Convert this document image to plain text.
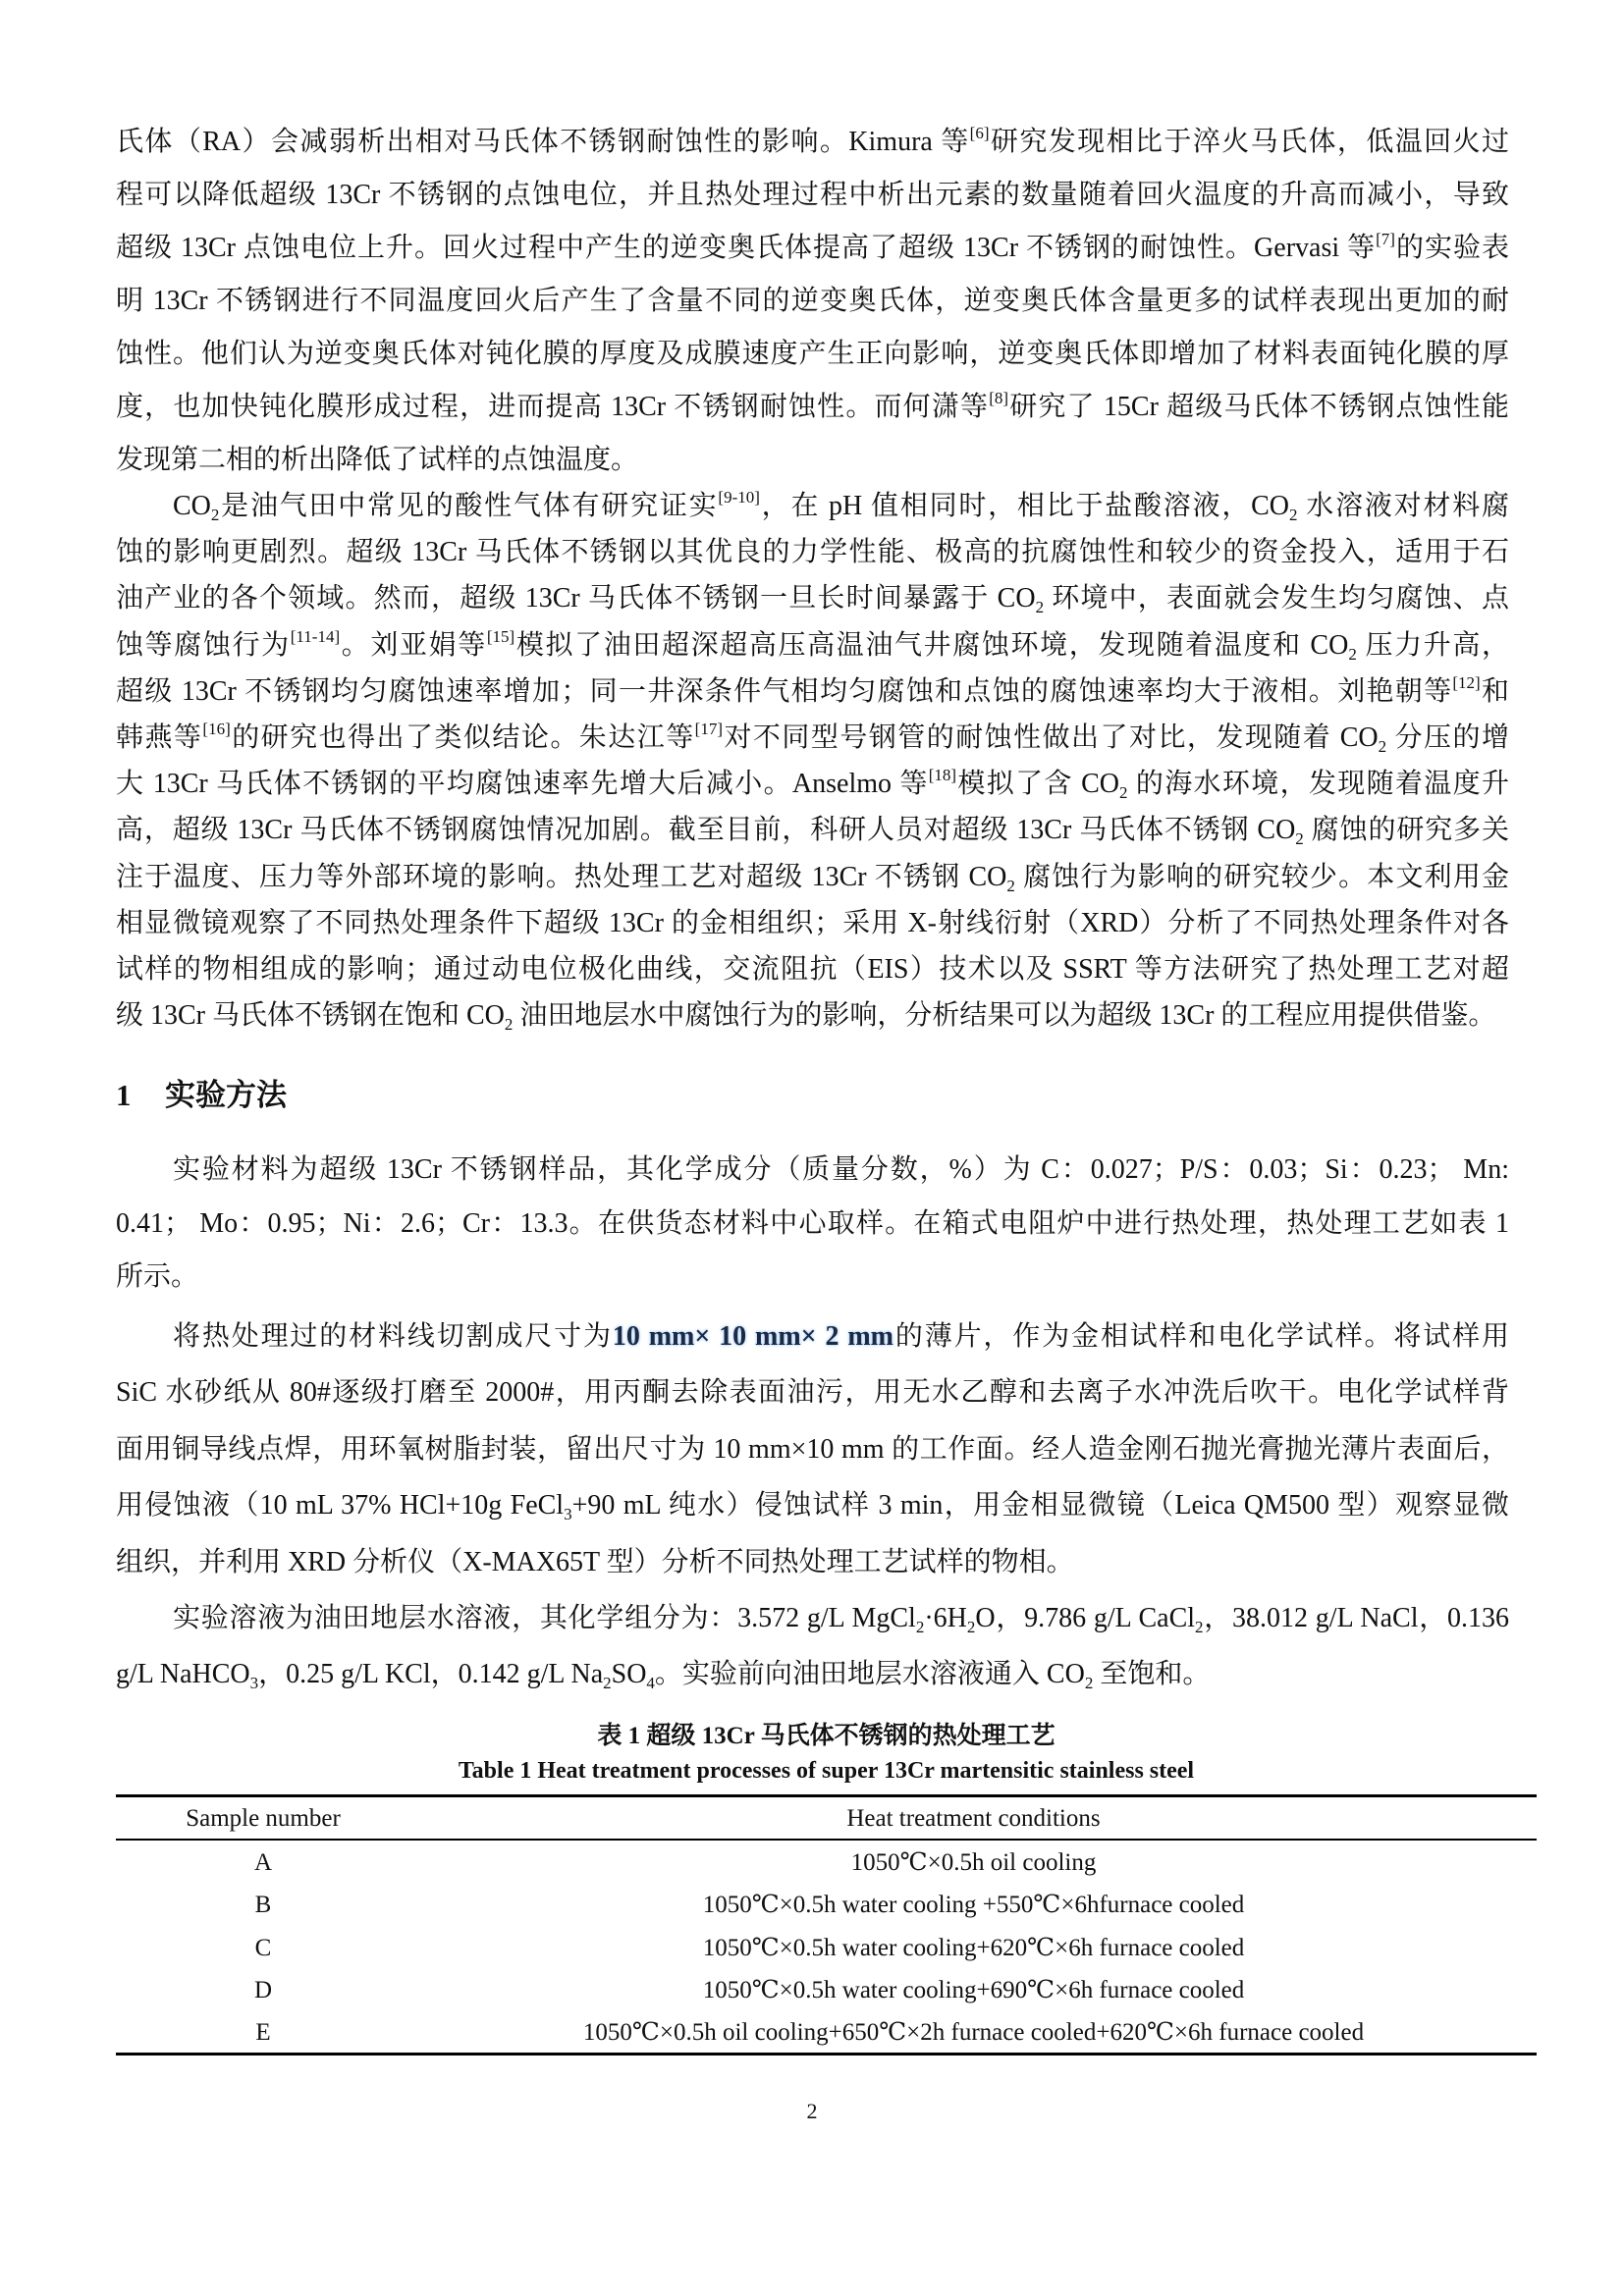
氏体（RA）会减弱析出相对马氏体不锈钢耐蚀性的影响。Kimura 等[6]研究发现相比于淬火马氏体，低温回火过
程可以降低超级 13Cr 不锈钢的点蚀电位，并且热处理过程中析出元素的数量随着回火温度的升高而减小，导致
超级 13Cr 点蚀电位上升。回火过程中产生的逆变奥氏体提高了超级 13Cr 不锈钢的耐蚀性。Gervasi 等[7]的实验表
明 13Cr 不锈钢进行不同温度回火后产生了含量不同的逆变奥氏体，逆变奥氏体含量更多的试样表现出更加的耐
蚀性。他们认为逆变奥氏体对钝化膜的厚度及成膜速度产生正向影响，逆变奥氏体即增加了材料表面钝化膜的厚
度，也加快钝化膜形成过程，进而提高 13Cr 不锈钢耐蚀性。而何潇等[8]研究了 15Cr 超级马氏体不锈钢点蚀性能
发现第二相的析出降低了试样的点蚀温度。
$CO_2$是油气田中常见的酸性气体有研究证实[9-10]，在 pH 值相同时，相比于盐酸溶液，$CO_2$ 水溶液对材料腐
蚀的影响更剧烈。超级 13Cr 马氏体不锈钢以其优良的力学性能、极高的抗腐蚀性和较少的资金投入，适用于石
油产业的各个领域。然而，超级 13Cr 马氏体不锈钢一旦长时间暴露于 $CO_2$ 环境中，表面就会发生均匀腐蚀、点
蚀等腐蚀行为[11-14]。刘亚娟等[15]模拟了油田超深超高压高温油气井腐蚀环境，发现随着温度和 $CO_2$ 压力升高，
超级 13Cr 不锈钢均匀腐蚀速率增加；同一井深条件气相均匀腐蚀和点蚀的腐蚀速率均大于液相。刘艳朝等[12]和
韩燕等[16]的研究也得出了类似结论。朱达江等[17]对不同型号钢管的耐蚀性做出了对比，发现随着 $CO_2$ 分压的增
大 13Cr 马氏体不锈钢的平均腐蚀速率先增大后减小。Anselmo 等[18]模拟了含 $CO_2$ 的海水环境，发现随着温度升
高，超级 13Cr 马氏体不锈钢腐蚀情况加剧。截至目前，科研人员对超级 13Cr 马氏体不锈钢 $CO_2$ 腐蚀的研究多关
注于温度、压力等外部环境的影响。热处理工艺对超级 13Cr 不锈钢 $CO_2$ 腐蚀行为影响的研究较少。本文利用金
相显微镜观察了不同热处理条件下超级 13Cr 的金相组织；采用 X-射线衍射（XRD）分析了不同热处理条件对各
试样的物相组成的影响；通过动电位极化曲线，交流阻抗（EIS）技术以及 SSRT 等方法研究了热处理工艺对超
级 13Cr 马氏体不锈钢在饱和 $CO_2$ 油田地层水中腐蚀行为的影响，分析结果可以为超级 13Cr 的工程应用提供借鉴。
实验材料为超级 13Cr 不锈钢样品，其化学成分（质量分数，%）为 C：0.027；P/S：0.03；Si：0.23； Mn:
0.41； Mo：0.95；Ni：2.6；Cr：13.3。在供货态材料中心取样。在箱式电阻炉中进行热处理，热处理工艺如表 1
所示。
将热处理过的材料线切割成尺寸为10 mm× 10 mm× 2 mm的薄片，作为金相试样和电化学试样。将试样用
SiC 水砂纸从 80#逐级打磨至 2000#，用丙酮去除表面油污，用无水乙醇和去离子水冲洗后吹干。电化学试样背
面用铜导线点焊，用环氧树脂封装，留出尺寸为 10 mm×10 mm 的工作面。经人造金刚石抛光膏抛光薄片表面后，
用侵蚀液（10 mL 37% HCl+10g FeCl$_3$+90 mL 纯水）侵蚀试样 3 min，用金相显微镜（Leica QM500 型）观察显微
组织，并利用 XRD 分析仪（X-MAX65T 型）分析不同热处理工艺试样的物相。
实验溶液为油田地层水溶液，其化学组分为：3.572 g/L $MgCl_2\cdot 6H_2O$，9.786 g/L CaCl$_2$，38.012 g/L NaCl，0.136
g/L NaHCO$_3$，0.25 g/L KCl，0.142 g/L $Na_2SO_4$。实验前向油田地层水溶液通入 $CO_2$ 至饱和。
1 实验方法
表 1 超级 13Cr 马氏体不锈钢的热处理工艺
Table 1 Heat treatment processes of super 13Cr martensitic stainless steel
Sample number	Heat treatment conditions
A	1050℃×0.5h oil cooling
B	1050℃×0.5h water cooling +550℃×6hfurnace cooled
C	1050℃×0.5h water cooling+620℃×6h furnace cooled
D	1050℃×0.5h water cooling+690℃×6h furnace cooled
E	1050℃×0.5h oil cooling+650℃×2h furnace cooled+620℃×6h furnace cooled
2
